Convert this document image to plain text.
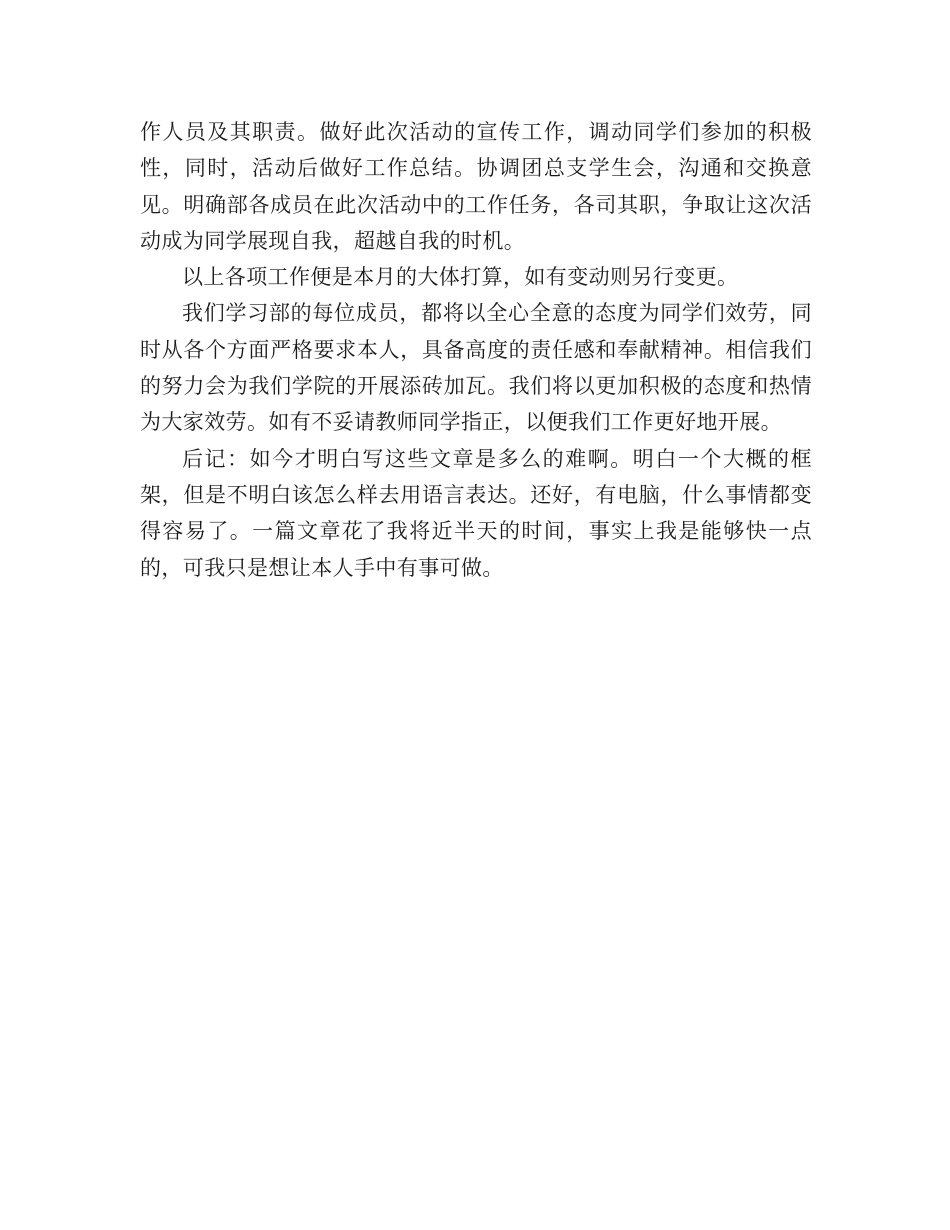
作人员及其职责。做好此次活动的宣传工作，调动同学们参加的积极性，同时，活动后做好工作总结。协调团总支学生会，沟通和交换意见。明确部各成员在此次活动中的工作任务，各司其职，争取让这次活动成为同学展现自我，超越自我的时机。

以上各项工作便是本月的大体打算，如有变动则另行变更。

我们学习部的每位成员，都将以全心全意的态度为同学们效劳，同时从各个方面严格要求本人，具备高度的责任感和奉献精神。相信我们的努力会为我们学院的开展添砖加瓦。我们将以更加积极的态度和热情为大家效劳。如有不妥请教师同学指正，以便我们工作更好地开展。

后记：如今才明白写这些文章是多么的难啊。明白一个大概的框架，但是不明白该怎么样去用语言表达。还好，有电脑，什么事情都变得容易了。一篇文章花了我将近半天的时间，事实上我是能够快一点的，可我只是想让本人手中有事可做。
